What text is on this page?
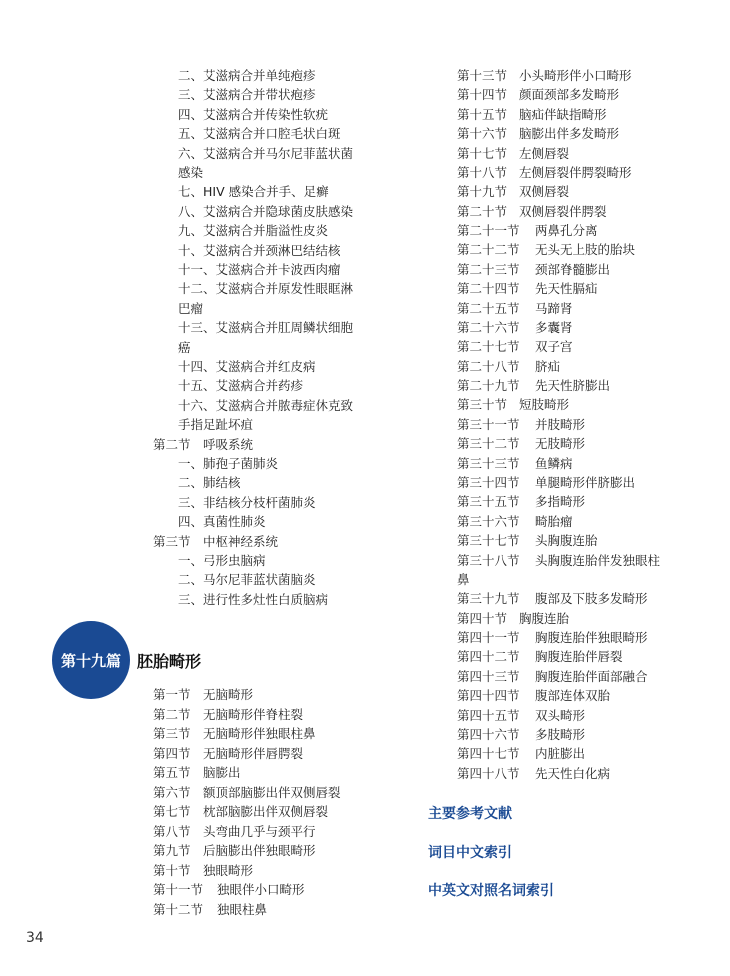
二、艾滋病合并单纯疱疹
三、艾滋病合并带状疱疹
四、艾滋病合并传染性软疣
五、艾滋病合并口腔毛状白斑
六、艾滋病合并马尔尼菲蓝状菌
感染
七、HIV 感染合并手、足癣
八、艾滋病合并隐球菌皮肤感染
九、艾滋病合并脂溢性皮炎
十、艾滋病合并颈淋巴结结核
十一、艾滋病合并卡波西肉瘤
十二、艾滋病合并原发性眼眶淋
巴瘤
十三、艾滋病合并肛周鳞状细胞
癌
十四、艾滋病合并红皮病
十五、艾滋病合并药疹
十六、艾滋病合并脓毒症休克致
手指足趾坏疽
第二节　呼吸系统
一、肺孢子菌肺炎
二、肺结核
三、非结核分枝杆菌肺炎
四、真菌性肺炎
第三节　中枢神经系统
一、弓形虫脑病
二、马尔尼菲蓝状菌脑炎
三、进行性多灶性白质脑病
第十九篇 胚胎畸形
第一节 无脑畸形
第二节 无脑畸形伴脊柱裂
第三节 无脑畸形伴独眼柱鼻
第四节 无脑畸形伴唇腭裂
第五节 脑膨出
第六节 额顶部脑膨出伴双侧唇裂
第七节 枕部脑膨出伴双侧唇裂
第八节 头弯曲几乎与颈平行
第九节 后脑膨出伴独眼畸形
第十节 独眼畸形
第十一节 独眼伴小口畸形
第十二节 独眼柱鼻
第十三节 小头畸形伴小口畸形
第十四节 颜面颈部多发畸形
第十五节 脑疝伴缺指畸形
第十六节 脑膨出伴多发畸形
第十七节 左侧唇裂
第十八节 左侧唇裂伴腭裂畸形
第十九节 双侧唇裂
第二十节 双侧唇裂伴腭裂
第二十一节 两鼻孔分离
第二十二节 无头无上肢的胎块
第二十三节 颈部脊髓膨出
第二十四节 先天性膈疝
第二十五节 马蹄肾
第二十六节 多囊肾
第二十七节 双子宫
第二十八节 脐疝
第二十九节 先天性脐膨出
第三十节 短肢畸形
第三十一节 并肢畸形
第三十二节 无肢畸形
第三十三节 鱼鳞病
第三十四节 单腿畸形伴脐膨出
第三十五节 多指畸形
第三十六节 畸胎瘤
第三十七节 头胸腹连胎
第三十八节 头胸腹连胎伴发独眼柱
鼻
第三十九节 腹部及下肢多发畸形
第四十节 胸腹连胎
第四十一节 胸腹连胎伴独眼畸形
第四十二节 胸腹连胎伴唇裂
第四十三节 胸腹连胎伴面部融合
第四十四节 腹部连体双胎
第四十五节 双头畸形
第四十六节 多肢畸形
第四十七节 内脏膨出
第四十八节 先天性白化病
主要参考文献
词目中文索引
中英文对照名词索引
34
